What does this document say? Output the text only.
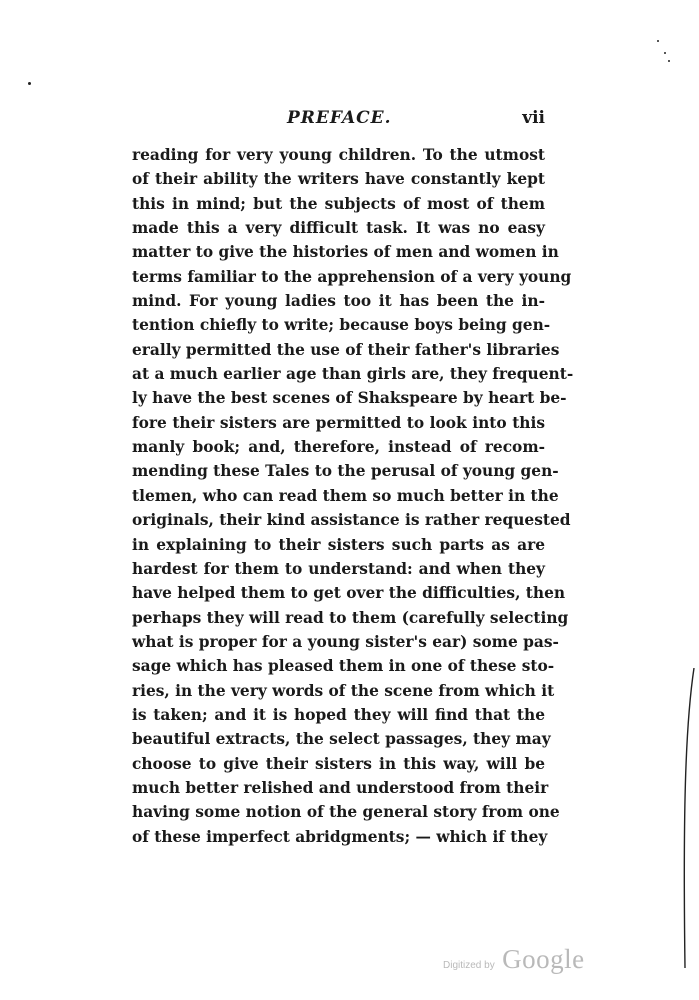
PREFACE.	vii
reading for very young children. To the utmost
of their ability the writers have constantly kept
this in mind; but the subjects of most of them
made this a very difficult task. It was no easy
matter to give the histories of men and women in
terms familiar to the apprehension of a very young
mind. For young ladies too it has been the in-
tention chiefly to write; because boys being gen-
erally permitted the use of their father's libraries
at a much earlier age than girls are, they frequent-
ly have the best scenes of Shakspeare by heart be-
fore their sisters are permitted to look into this
manly book; and, therefore, instead of recom-
mending these Tales to the perusal of young gen-
tlemen, who can read them so much better in the
originals, their kind assistance is rather requested
in explaining to their sisters such parts as are
hardest for them to understand: and when they
have helped them to get over the difficulties, then
perhaps they will read to them (carefully selecting
what is proper for a young sister's ear) some pas-
sage which has pleased them in one of these sto-
ries, in the very words of the scene from which it
is taken; and it is hoped they will find that the
beautiful extracts, the select passages, they may
choose to give their sisters in this way, will be
much better relished and understood from their
having some notion of the general story from one
of these imperfect abridgments; — which if they
Digitized by Google
